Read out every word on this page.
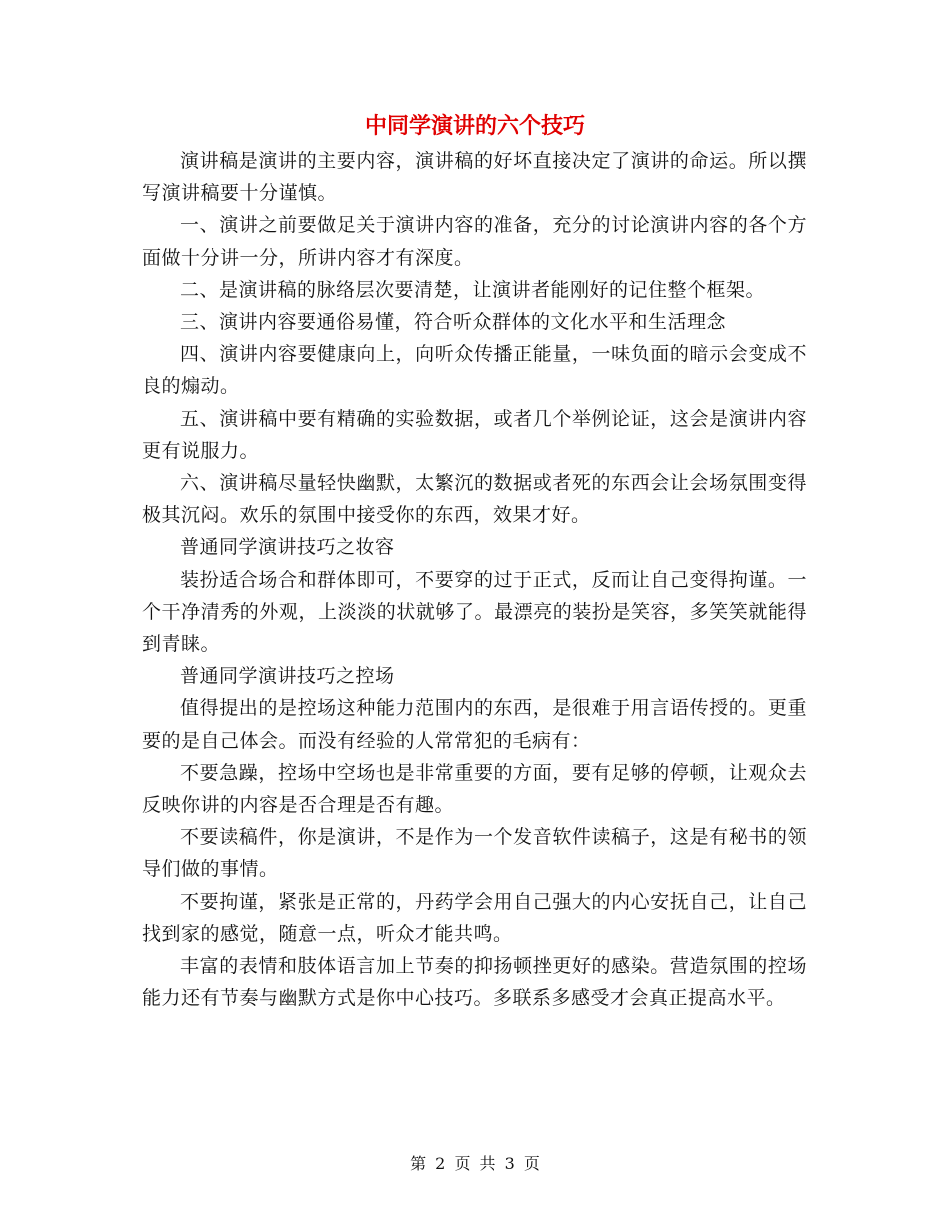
中同学演讲的六个技巧

演讲稿是演讲的主要内容，演讲稿的好坏直接决定了演讲的命运。所以撰写演讲稿要十分谨慎。

一、演讲之前要做足关于演讲内容的准备，充分的讨论演讲内容的各个方面做十分讲一分，所讲内容才有深度。

二、是演讲稿的脉络层次要清楚，让演讲者能刚好的记住整个框架。

三、演讲内容要通俗易懂，符合听众群体的文化水平和生活理念

四、演讲内容要健康向上，向听众传播正能量，一味负面的暗示会变成不良的煽动。

五、演讲稿中要有精确的实验数据，或者几个举例论证，这会是演讲内容更有说服力。

六、演讲稿尽量轻快幽默，太繁沉的数据或者死的东西会让会场氛围变得极其沉闷。欢乐的氛围中接受你的东西，效果才好。

普通同学演讲技巧之妆容

装扮适合场合和群体即可，不要穿的过于正式，反而让自己变得拘谨。一个干净清秀的外观，上淡淡的状就够了。最漂亮的装扮是笑容，多笑笑就能得到青睐。

普通同学演讲技巧之控场

值得提出的是控场这种能力范围内的东西，是很难于用言语传授的。更重要的是自己体会。而没有经验的人常常犯的毛病有：

不要急躁，控场中空场也是非常重要的方面，要有足够的停顿，让观众去反映你讲的内容是否合理是否有趣。

不要读稿件，你是演讲，不是作为一个发音软件读稿子，这是有秘书的领导们做的事情。

不要拘谨，紧张是正常的，丹药学会用自己强大的内心安抚自己，让自己找到家的感觉，随意一点，听众才能共鸣。

丰富的表情和肢体语言加上节奏的抑扬顿挫更好的感染。营造氛围的控场能力还有节奏与幽默方式是你中心技巧。多联系多感受才会真正提高水平。

第 2 页 共 3 页
